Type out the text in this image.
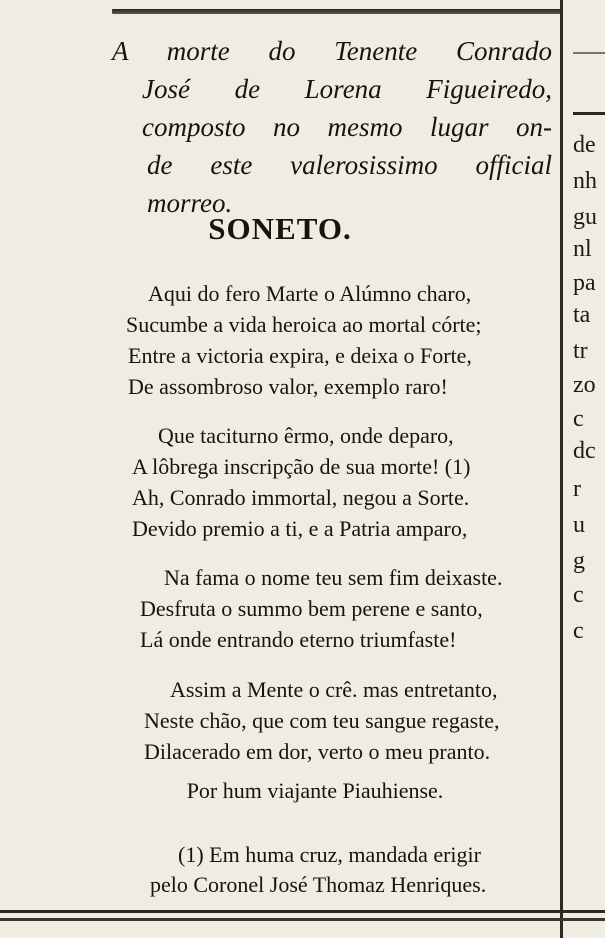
A morte do Tenente Conrado
José de Lorena Figueiredo,
composto no mesmo lugar on-
de este valerosissimo official
morreo.
SONETO.
Aqui do fero Marte o Alúmno charo,
Sucumbe a vida heroica ao mortal córte;
Entre a victoria expira, e deixa o Forte,
De assombroso valor, exemplo raro!
Que taciturno êrmo, onde deparo,
A lôbrega inscripção de sua morte! (1)
Ah, Conrado immortal, negou a Sorte.
Devido premio a ti, e a Patria amparo,
Na fama o nome teu sem fim deixaste.
Desfruta o summo bem perene e santo,
Lá onde entrando eterno triumfaste!
Assim a Mente o crê. mas entretanto,
Neste chão, que com teu sangue regaste,
Dilacerado em dor, verto o meu pranto.
Por hum viajante Piauhiense.
(1) Em huma cruz, mandada erigir
pelo Coronel José Thomaz Henriques.
de
nh
gu
nl
pa
ta
tr
zo
c
dc
r
u
g
c
c
